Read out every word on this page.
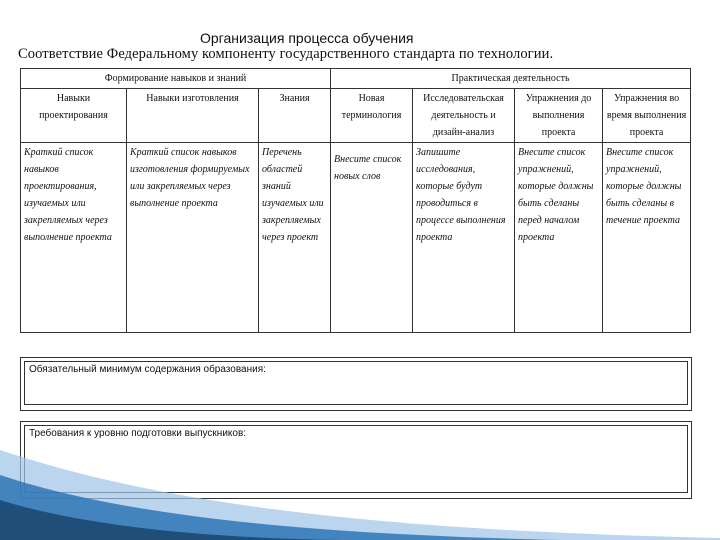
Организация процесса обучения
Соответствие Федеральному компоненту государственного стандарта по технологии.
Формирование навыков и знаний			Практическая деятельность			
Навыки проектирования	Навыки изготовления	Знания	Новая терминология	Исследовательская деятельность и дизайн-анализ	Упражнения до выполнения проекта	Упражнения во время выполнения проекта
Краткий список навыков проектирования, изучаемых или закрепляемых через выполнение проекта	Краткий список навыков изготовления формируемых или закрепляемых через выполнение проекта	Перечень областей знаний изучаемых или закрепляемых через проект	Внесите список новых слов	Запишите исследования, которые будут проводиться в процессе выполнения проекта	Внесите список упражнений, которые должны быть сделаны перед началом проекта	Внесите список упражнений, которые должны быть сделаны в течение проекта
Обязательный минимум содержания образования:
Требования к уровню подготовки выпускников:
